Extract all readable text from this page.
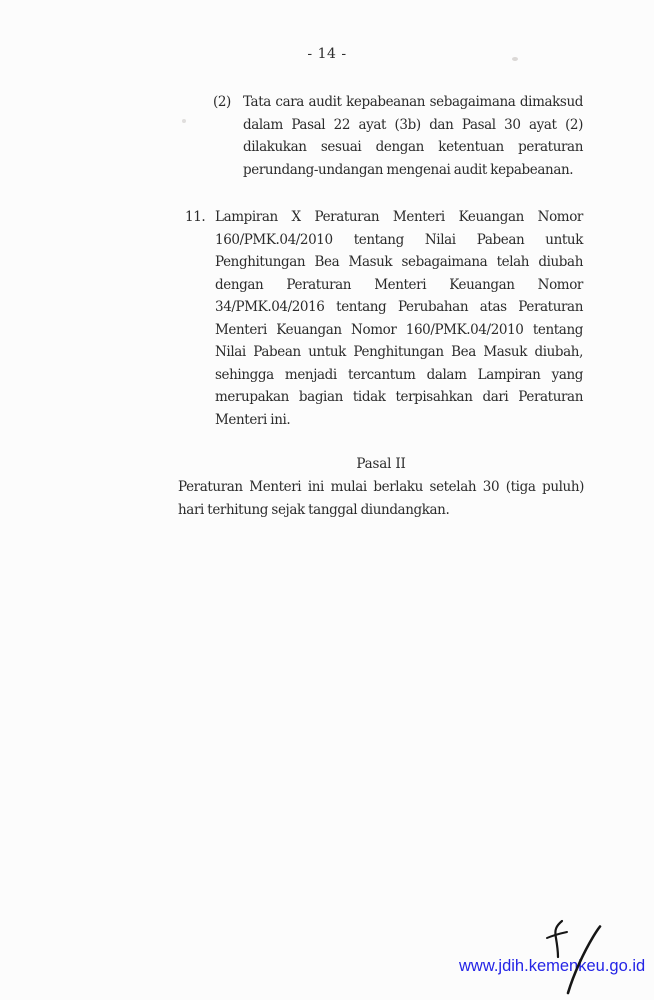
- 14 -
(2) Tata cara audit kepabeanan sebagaimana dimaksud
dalam Pasal 22 ayat (3b) dan Pasal 30 ayat (2)
dilakukan sesuai dengan ketentuan peraturan
perundang-undangan mengenai audit kepabeanan.
11. Lampiran X Peraturan Menteri Keuangan Nomor
160/PMK.04/2010 tentang Nilai Pabean untuk
Penghitungan Bea Masuk sebagaimana telah diubah
dengan Peraturan Menteri Keuangan Nomor
34/PMK.04/2016 tentang Perubahan atas Peraturan
Menteri Keuangan Nomor 160/PMK.04/2010 tentang
Nilai Pabean untuk Penghitungan Bea Masuk diubah,
sehingga menjadi tercantum dalam Lampiran yang
merupakan bagian tidak terpisahkan dari Peraturan
Menteri ini.
Pasal II
Peraturan Menteri ini mulai berlaku setelah 30 (tiga puluh)
hari terhitung sejak tanggal diundangkan.
www.jdih.kemenkeu.go.id
